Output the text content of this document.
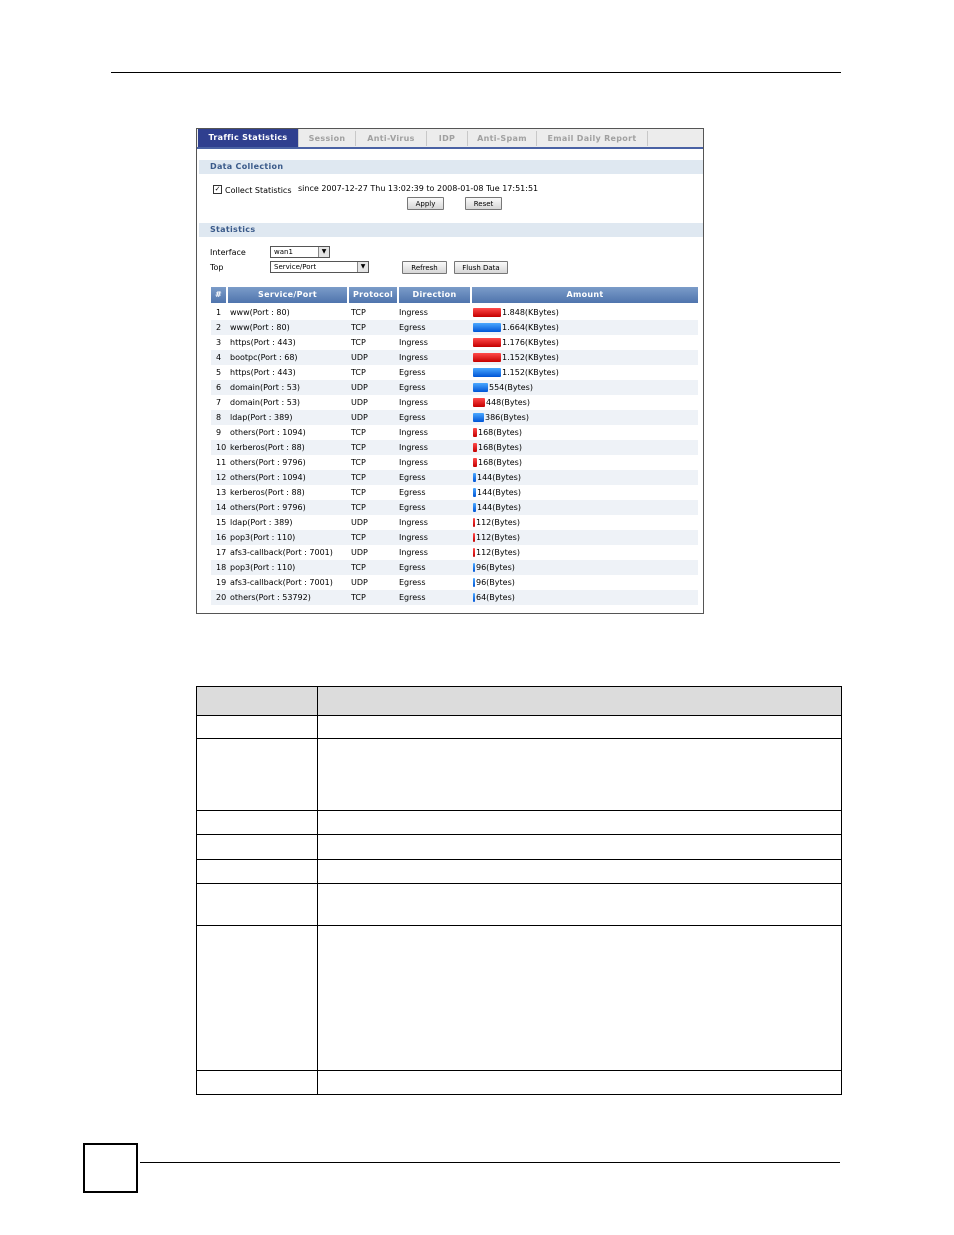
Traffic Statistics	Session	Anti-Virus	IDP	Anti-Spam	Email Daily Report
Data Collection
✓ Collect Statistics since 2007-12-27 Thu 13:02:39 to 2008-01-08 Tue 17:51:51
Apply	Reset
Statistics
Interface	wan1	▼
Top	Service/Port	▼	Refresh	Flush Data
#	Service/Port	Protocol	Direction	Amount
1 www(Port : 80)	TCP	Ingress	1.848(KBytes)
2 www(Port : 80)	TCP	Egress	1.664(KBytes)
3 https(Port : 443)	TCP	Ingress	1.176(KBytes)
4 bootpc(Port : 68)	UDP	Ingress	1.152(KBytes)
5 https(Port : 443)	TCP	Egress	1.152(KBytes)
6 domain(Port : 53)	UDP	Egress	554(Bytes)
7 domain(Port : 53)	UDP	Ingress	448(Bytes)
8 ldap(Port : 389)	UDP	Egress	386(Bytes)
9 others(Port : 1094)	TCP	Ingress	168(Bytes)
10 kerberos(Port : 88)	TCP	Ingress	168(Bytes)
11 others(Port : 9796)	TCP	Ingress	168(Bytes)
12 others(Port : 1094)	TCP	Egress	144(Bytes)
13 kerberos(Port : 88)	TCP	Egress	144(Bytes)
14 others(Port : 9796)	TCP	Egress	144(Bytes)
15 ldap(Port : 389)	UDP	Ingress	112(Bytes)
16 pop3(Port : 110)	TCP	Ingress	112(Bytes)
17 afs3-callback(Port : 7001) UDP	Ingress	112(Bytes)
18 pop3(Port : 110)	TCP	Egress	96(Bytes)
19 afs3-callback(Port : 7001) UDP	Egress	96(Bytes)
20 others(Port : 53792)	TCP	Egress	64(Bytes)
